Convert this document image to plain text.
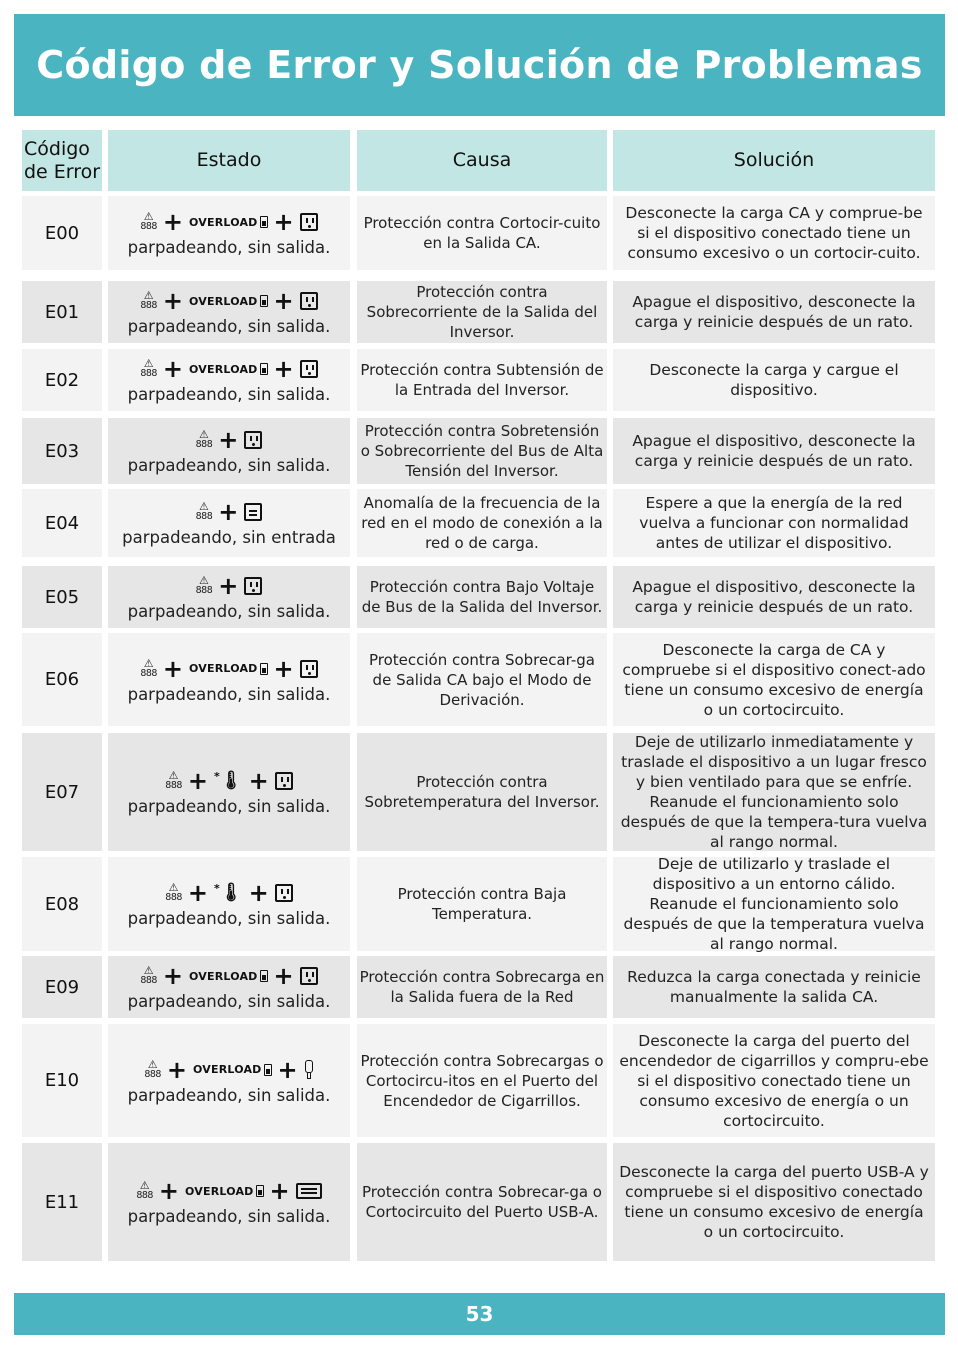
Código de Error y Solución de Problemas
Código de Error
Estado	Causa	Solución
E00
⚠
888 + OVERLOAD +
parpadeando, sin salida.
Protección contra Cortocir-cuito en la Salida CA.
Desconecte la carga CA y comprue-be si el dispositivo conectado tiene un consumo excesivo o un cortocir-cuito.
E01
⚠
888 + OVERLOAD +
parpadeando, sin salida.
Protección contra Sobrecorriente de la Salida del Inversor.
Apague el dispositivo, desconecte la carga y reinicie después de un rato.
E02
⚠
888 + OVERLOAD +
parpadeando, sin salida.
Protección contra Subtensión de la Entrada del Inversor.
Desconecte la carga y cargue el dispositivo.
E03
⚠
888 +
parpadeando, sin salida.
Protección contra Sobretensión o Sobrecorriente del Bus de Alta Tensión del Inversor.
Apague el dispositivo, desconecte la carga y reinicie después de un rato.
E04
⚠
888 +
parpadeando, sin entrada
Anomalía de la frecuencia de la red en el modo de conexión a la red o de carga.
Espere a que la energía de la red vuelva a funcionar con normalidad antes de utilizar el dispositivo.
E05
⚠
888 +
parpadeando, sin salida.
Protección contra Bajo Voltaje de Bus de la Salida del Inversor.
Apague el dispositivo, desconecte la carga y reinicie después de un rato.
E06
⚠
888 + OVERLOAD +
parpadeando, sin salida.
Protección contra Sobrecar-ga de Salida CA bajo el Modo de Derivación.
Desconecte la carga de CA y compruebe si el dispositivo conect-ado tiene un consumo excesivo de energía o un cortocircuito.
E07
⚠
888 + * 🌡 +
parpadeando, sin salida.
Protección contra Sobretemperatura del Inversor.
Deje de utilizarlo inmediatamente y traslade el dispositivo a un lugar fresco y bien ventilado para que se enfríe. Reanude el funcionamiento solo después de que la tempera-tura vuelva al rango normal.
E08
⚠
888 + * 🌡 +
parpadeando, sin salida.
Protección contra Baja Temperatura.
Deje de utilizarlo y traslade el dispositivo a un entorno cálido. Reanude el funcionamiento solo después de que la temperatura vuelva al rango normal.
E09
⚠
888 + OVERLOAD +
parpadeando, sin salida.
Protección contra Sobrecarga en la Salida fuera de la Red
Reduzca la carga conectada y reinicie manualmente la salida CA.
E10
⚠
888 + OVERLOAD +
parpadeando, sin salida.
Protección contra Sobrecargas o Cortocircu-itos en el Puerto del Encendedor de Cigarrillos.
Desconecte la carga del puerto del encendedor de cigarrillos y compru-ebe si el dispositivo conectado tiene un consumo excesivo de energía o un cortocircuito.
E11
⚠
888 + OVERLOAD +
parpadeando, sin salida.
Protección contra Sobrecar-ga o Cortocircuito del Puerto USB-A.
Desconecte la carga del puerto USB-A y compruebe si el dispositivo conectado tiene un consumo excesivo de energía o un cortocircuito.
53
